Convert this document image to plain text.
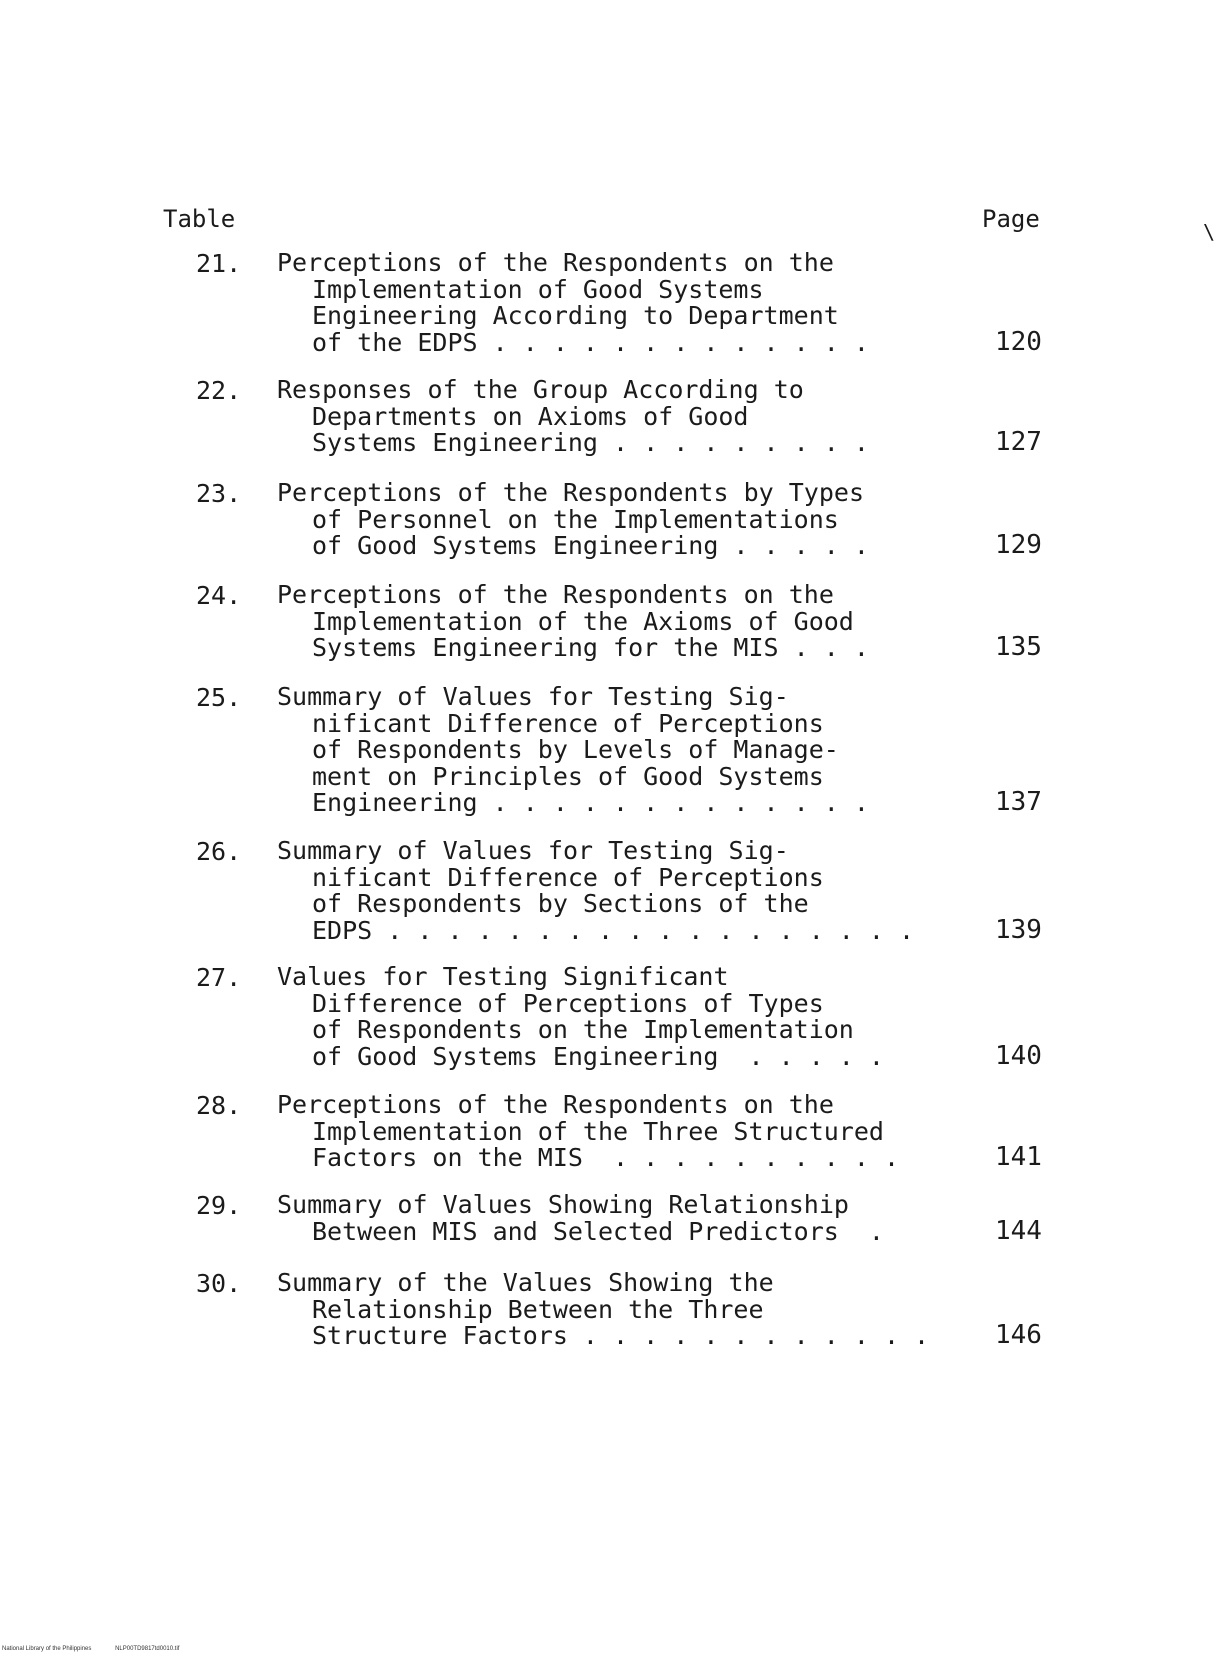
Table	Page	\
21. Perceptions of the Respondents on the
Implementation of Good Systems
Engineering According to Department
of the EDPS . . . . . . . . . . . . .	120
22. Responses of the Group According to
Departments on Axioms of Good
Systems Engineering . . . . . . . . .	127
23. Perceptions of the Respondents by Types
of Personnel on the Implementations
of Good Systems Engineering . . . . .	129
24. Perceptions of the Respondents on the
Implementation of the Axioms of Good
Systems Engineering for the MIS . . .	135
25. Summary of Values for Testing Sig-
nificant Difference of Perceptions
of Respondents by Levels of Manage-
ment on Principles of Good Systems
Engineering . . . . . . . . . . . . .	137
26. Summary of Values for Testing Sig-
nificant Difference of Perceptions
of Respondents by Sections of the
EDPS . . . . . . . . . . . . . . . . . .	139
27. Values for Testing Significant
Difference of Perceptions of Types
of Respondents on the Implementation
of Good Systems Engineering  . . . . .	140
28. Perceptions of the Respondents on the
Implementation of the Three Structured
Factors on the MIS  . . . . . . . . . .	141
29. Summary of Values Showing Relationship
Between MIS and Selected Predictors  .	144
30. Summary of the Values Showing the
Relationship Between the Three
Structure Factors . . . . . . . . . . . .	146
National Library of the Philippines	NLP00TD9817td0010.tif
